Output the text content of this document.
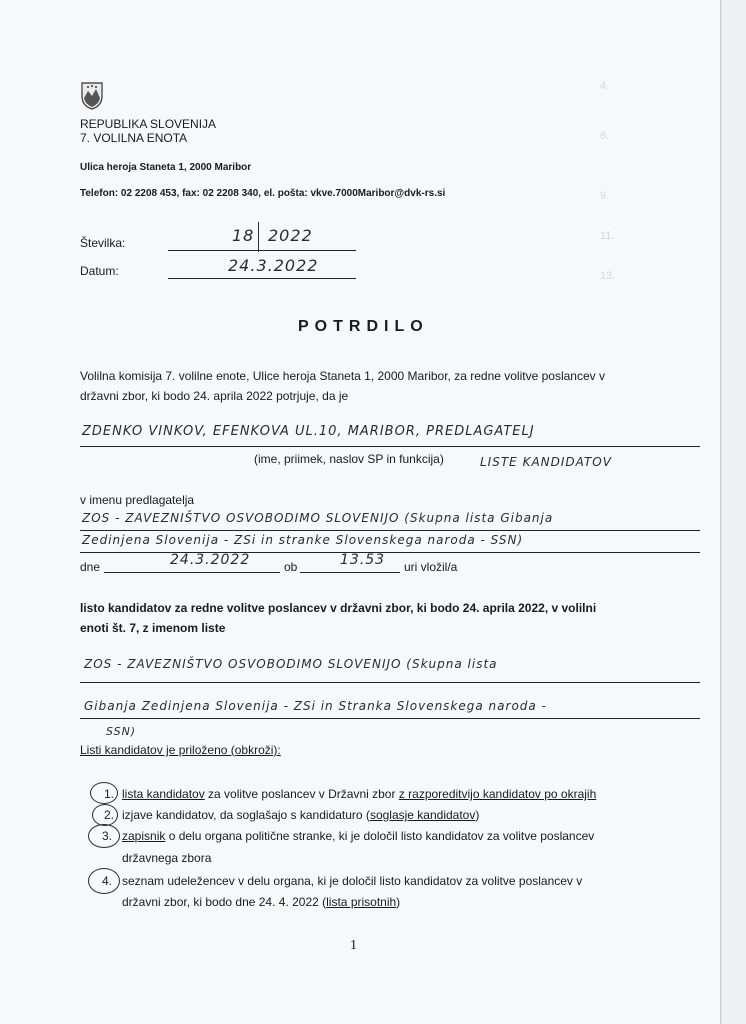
4.
6.
9.
11.
13.
REPUBLIKA SLOVENIJA
7. VOLILNA ENOTA
Ulica heroja Staneta 1, 2000 Maribor
Telefon: 02 2208 453, fax: 02 2208 340, el. pošta: vkve.7000Maribor@dvk-rs.si
Številka:	18 2022
Datum:	24.3.2022
POTRDILO
Volilna komisija 7. volilne enote, Ulice heroja Staneta 1, 2000 Maribor, za redne volitve poslancev v
državni zbor, ki bodo 24. aprila 2022 potrjuje, da je
ZDENKO VINKOV, EFENKOVA UL.10, MARIBOR, PREDLAGATELJ
(ime, priimek, naslov SP in funkcija)	LISTE KANDIDATOV
v imenu predlagatelja
ZOS - ZAVEZNIŠTVO OSVOBODIMO SLOVENIJO (Skupna lista Gibanja
Zedinjena Slovenija - ZSi in stranke Slovenskega naroda - SSN)
dne	24.3.2022	ob	13.53 uri vložil/a
listo kandidatov za redne volitve poslancev v državni zbor, ki bodo 24. aprila 2022, v volilni
enoti št. 7, z imenom liste
ZOS - ZAVEZNIŠTVO OSVOBODIMO SLOVENIJO (Skupna lista
Gibanja Zedinjena Slovenija - ZSi in Stranka Slovenskega naroda -
SSN)
Listi kandidatov je priloženo (obkroži):
1. lista kandidatov za volitve poslancev v Državni zbor z razporeditvijo kandidatov po okrajih
2. izjave kandidatov, da soglašajo s kandidaturo (soglasje kandidatov)
3. zapisnik o delu organa politične stranke, ki je določil listo kandidatov za volitve poslancev
državnega zbora
4. seznam udeležencev v delu organa, ki je določil listo kandidatov za volitve poslancev v
državni zbor, ki bodo dne 24. 4. 2022 (lista prisotnih)
1
